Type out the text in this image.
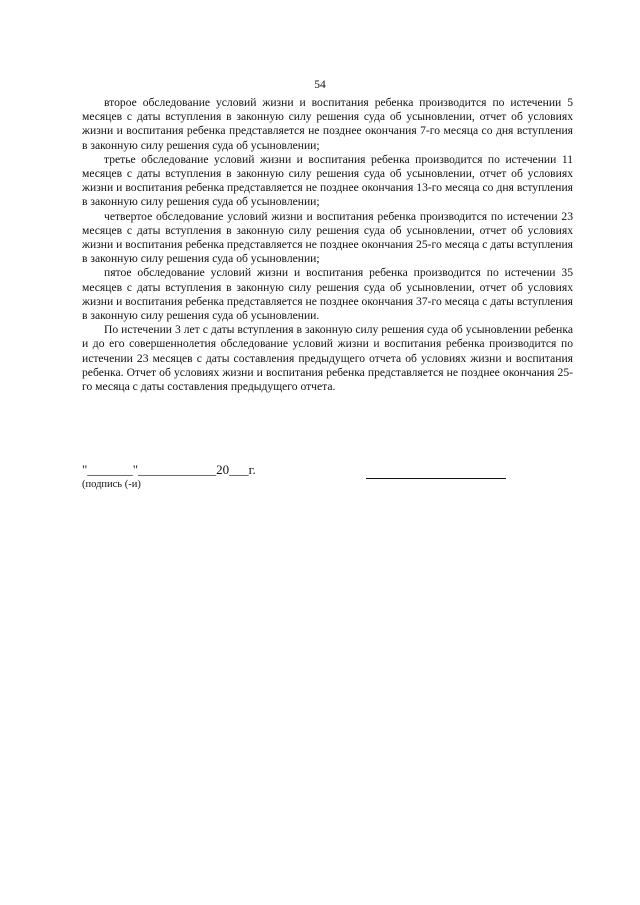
54

второе обследование условий жизни и воспитания ребенка производится по истечении 5 месяцев с даты вступления в законную силу решения суда об усыновлении, отчет об условиях жизни и воспитания ребенка представляется не позднее окончания 7-го месяца со дня вступления в законную силу решения суда об усыновлении;

третье обследование условий жизни и воспитания ребенка производится по истечении 11 месяцев с даты вступления в законную силу решения суда об усыновлении, отчет об условиях жизни и воспитания ребенка представляется не позднее окончания 13-го месяца со дня вступления в законную силу решения суда об усыновлении;

четвертое обследование условий жизни и воспитания ребенка производится по истечении 23 месяцев с даты вступления в законную силу решения суда об усыновлении, отчет об условиях жизни и воспитания ребенка представляется не позднее окончания 25-го месяца с даты вступления в законную силу решения суда об усыновлении;

пятое обследование условий жизни и воспитания ребенка производится по истечении 35 месяцев с даты вступления в законную силу решения суда об усыновлении, отчет об условиях жизни и воспитания ребенка представляется не позднее окончания 37-го месяца с даты вступления в законную силу решения суда об усыновлении.

По истечении 3 лет с даты вступления в законную силу решения суда об усыновлении ребенка и до его совершеннолетия обследование условий жизни и воспитания ребенка производится по истечении 23 месяцев с даты составления предыдущего отчета об условиях жизни и воспитания ребенка. Отчет об условиях жизни и воспитания ребенка представляется не позднее окончания 25-го месяца с даты составления предыдущего отчета.

"_______"____________20___г.
(подпись (-и)
